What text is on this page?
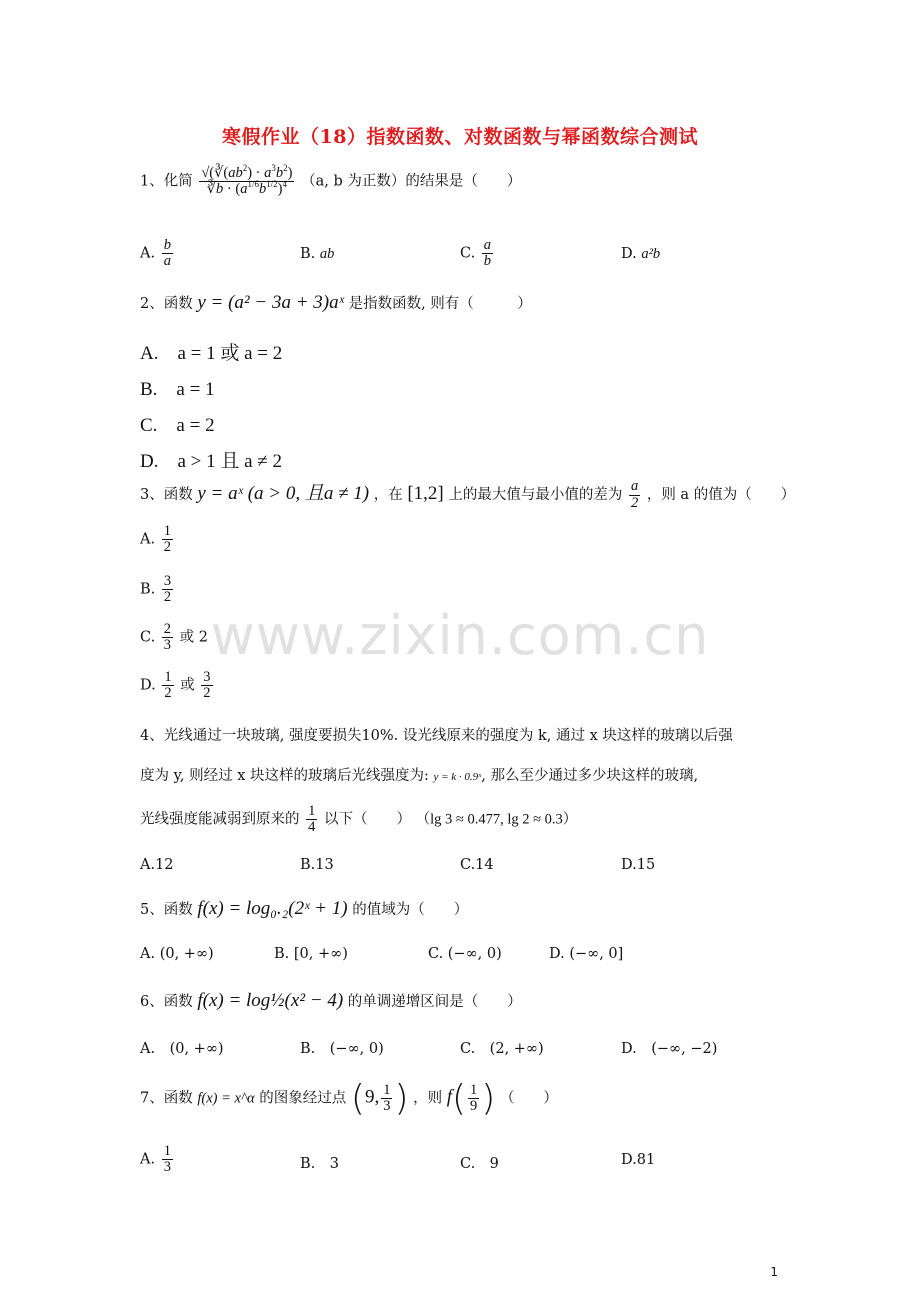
寒假作业（18）指数函数、对数函数与幂函数综合测试
www.zixin.com.cn
1、化简 $\frac{√(∛(ab^2) \cdot a^3b^2)}{∛b \cdot (a^{1/6}b^{1/2})^4} (a$, b 为正数）的结果是（　　）
A. $\frac{b}{a}$	B. ab	C. $\frac{a}{b}$	D. a²b
2、函数 y = (a² − 3a + 3)aˣ 是指数函数, 则有（　　　）
A.　a = 1 或 a = 2
B.　a = 1
C.　a = 2
D.　a > 1 且 a ≠ 2
3、函数 y = aˣ (a > 0, 且a ≠ 1) ，在 [1,2] 上的最大值与最小值的差为 $\frac{a}{2}$ ，则 a 的值为（　　）
A. $\frac{1}{2}$
B. $\frac{3}{2}$
C. $\frac{2}{3}$ 或 2
D. $\frac{1}{2}$ 或 $\frac{3}{2}$
4、光线通过一块玻璃, 强度要损失10%. 设光线原来的强度为 k, 通过 x 块这样的玻璃以后强
度为 y, 则经过 x 块这样的玻璃后光线强度为: y = k · 0.9ˣ, 那么至少通过多少块这样的玻璃,
光线强度能减弱到原来的 $\frac{1}{4}$ 以下（　　） （lg 3 ≈ 0.477, lg 2 ≈ 0.3）
A.12	B.13	C.14	D.15
5、函数 f(x) = log₀.₂(2ˣ + 1) 的值域为（　　）
A. (0, +∞)	B. [0, +∞)	C. (−∞, 0)	D. (−∞, 0]
6、函数 f(x) = log½(x² − 4) 的单调递增区间是（　　）
A.　(0, +∞)	B.　(−∞, 0)	C.　(2, +∞)	D.　(−∞, −2)
7、函数 f(x) = x^α 的图象经过点 (9, $\frac{1}{3}$ ) ，则 $f( \frac{1}{9}$ ) （　　）
A. $\frac{1}{3}$	B.　3	C.　9	D.81
1
